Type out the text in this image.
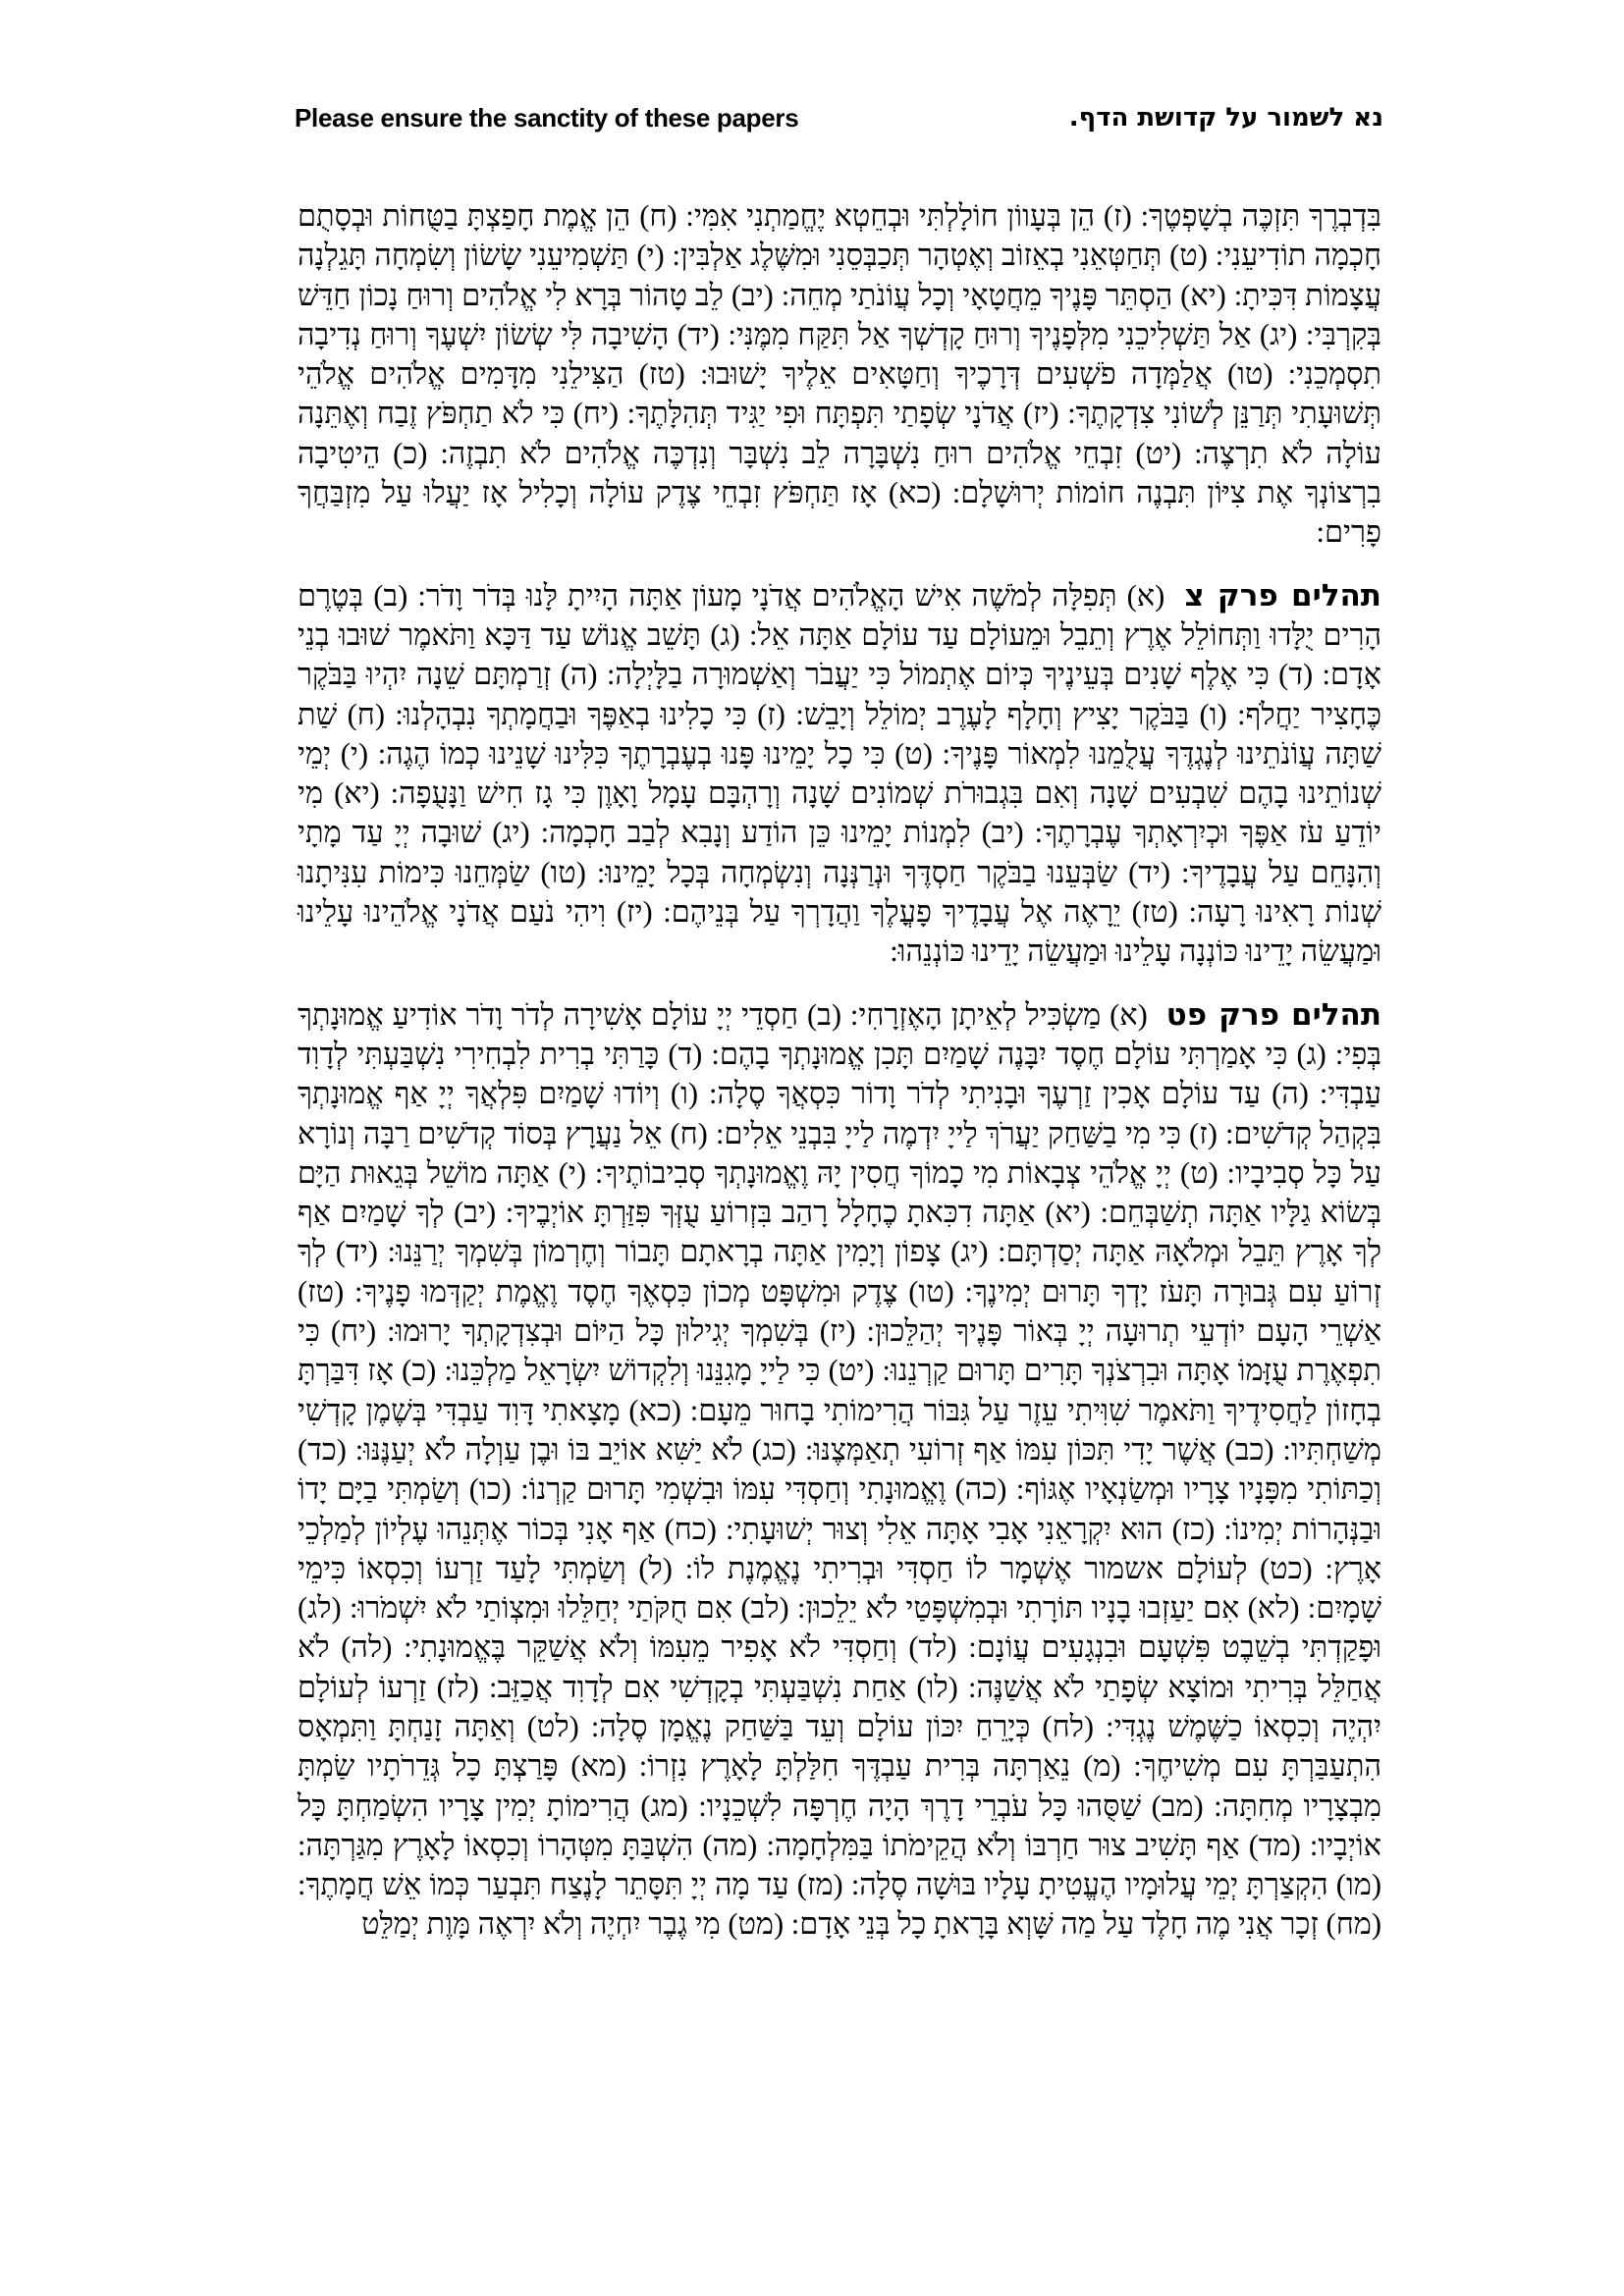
Please ensure the sanctity of these papers	נא לשמור על קדושת הדף.

בִּדְבְרֶךָ תִּזְכֶּה בְשָׁפְטֶךָ: (ז) הֵן בְּעָווֹן חוֹלָלְתִּי וּבְחֵטְא יֶחֱמַתְנִי אִמִּי: (ח) הֵן אֱמֶת חָפַצְתָּ בַטֻּחוֹת וּבְסָתֻם חָכְמָה תוֹדִיעֵנִי: (ט) תְּחַטְּאֵנִי בְאֵזוֹב וְאֶטְהָר תְּכַבְּסֵנִי וּמִשֶּׁלֶג אַלְבִּין: (י) תַּשְׁמִיעֵנִי שָׂשׂוֹן וְשִׂמְחָה תָּגֵלְנָה עֲצָמוֹת דִּכִּיתָ: (יא) הַסְתֵּר פָּנֶיךָ מֵחֲטָאָי וְכָל עֲוֹנֹתַי מְחֵה: (יב) לֵב טָהוֹר בְּרָא לִי אֱלֹהִים וְרוּחַ נָכוֹן חַדֵּשׁ בְּקִרְבִּי: (יג) אַל תַּשְׁלִיכֵנִי מִלְּפָנֶיךָ וְרוּחַ קָדְשְׁךָ אַל תִּקַּח מִמֶּנִּי: (יד) הָשִׁיבָה לִּי שְׂשׂוֹן יִשְׁעֶךָ וְרוּחַ נְדִיבָה תִסְמְכֵנִי: (טו) אֲלַמְּדָה פֹשְׁעִים דְּרָכֶיךָ וְחַטָּאִים אֵלֶיךָ יָשׁוּבוּ: (טז) הַצִּילֵנִי מִדָּמִים אֱלֹהִים אֱלֹהֵי תְּשׁוּעָתִי תְּרַנֵּן לְשׁוֹנִי צִדְקָתֶךָ: (יז) אֲדֹנָי שְׂפָתַי תִּפְתָּח וּפִי יַגִּיד תְּהִלָּתֶךָ: (יח) כִּי לֹא תַחְפֹּץ זֶבַח וְאֶתֵּנָה עוֹלָה לֹא תִרְצֶה: (יט) זִבְחֵי אֱלֹהִים רוּחַ נִשְׁבָּרָה לֵב נִשְׁבָּר וְנִדְכֶּה אֱלֹהִים לֹא תִבְזֶה: (כ) הֵיטִיבָה בִרְצוֹנְךָ אֶת צִיּוֹן תִּבְנֶה חוֹמוֹת יְרוּשָׁלָם: (כא) אָז תַּחְפֹּץ זִבְחֵי צֶדֶק עוֹלָה וְכָלִיל אָז יַעֲלוּ עַל מִזְבַּחֲךָ פָרִים:

תהלים פרק צ (א) תְּפִלָּה לְמֹשֶׁה אִישׁ הָאֱלֹהִים אֲדֹנָי מָעוֹן אַתָּה הָיִיתָ לָּנוּ בְּדֹר וָדֹר: (ב) בְּטֶרֶם הָרִים יֻלָּדוּ וַתְּחוֹלֵל אֶרֶץ וְתֵבֵל וּמֵעוֹלָם עַד עוֹלָם אַתָּה אֵל: (ג) תָּשֵׁב אֱנוֹשׁ עַד דַּכָּא וַתֹּאמֶר שׁוּבוּ בְנֵי אָדָם: (ד) כִּי אֶלֶף שָׁנִים בְּעֵינֶיךָ כְּיוֹם אֶתְמוֹל כִּי יַעֲבֹר וְאַשְׁמוּרָה בַלָּיְלָה: (ה) זְרַמְתָּם שֵׁנָה יִהְיוּ בַּבֹּקֶר כֶּחָצִיר יַחֲלֹף: (ו) בַּבֹּקֶר יָצִיץ וְחָלָף לָעֶרֶב יְמוֹלֵל וְיָבֵשׁ: (ז) כִּי כָלִינוּ בְאַפֶּךָ וּבַחֲמָתְךָ נִבְהָלְנוּ: (ח) שַׁת שַׁתָּה עֲוֹנֹתֵינוּ לְנֶגְדֶּךָ עֲלֻמֵנוּ לִמְאוֹר פָּנֶיךָ: (ט) כִּי כָל יָמֵינוּ פָּנוּ בְעֶבְרָתֶךָ כִּלִּינוּ שָׁנֵינוּ כְמוֹ הֶגֶה: (י) יְמֵי שְׁנוֹתֵינוּ בָהֶם שִׁבְעִים שָׁנָה וְאִם בִּגְבוּרֹת שְׁמוֹנִים שָׁנָה וְרָהְבָּם עָמָל וָאָוֶן כִּי גָז חִישׁ וַנָּעֻפָה: (יא) מִי יוֹדֵעַ עֹז אַפֶּךָ וּכְיִרְאָתְךָ עֶבְרָתֶךָ: (יב) לִמְנוֹת יָמֵינוּ כֵּן הוֹדַע וְנָבִא לְבַב חָכְמָה: (יג) שׁוּבָה יְיָ עַד מָתָי וְהִנָּחֵם עַל עֲבָדֶיךָ: (יד) שַׂבְּעֵנוּ בַבֹּקֶר חַסְדֶּךָ וּנְרַנְּנָה וְנִשְׂמְחָה בְּכָל יָמֵינוּ: (טו) שַׂמְּחֵנוּ כִּימוֹת עִנִּיתָנוּ שְׁנוֹת רָאִינוּ רָעָה: (טז) יֵרָאֶה אֶל עֲבָדֶיךָ פָעֳלֶךָ וַהֲדָרְךָ עַל בְּנֵיהֶם: (יז) וִיהִי נֹעַם אֲדֹנָי אֱלֹהֵינוּ עָלֵינוּ וּמַעֲשֵׂה יָדֵינוּ כּוֹנְנָה עָלֵינוּ וּמַעֲשֵׂה יָדֵינוּ כּוֹנְנֵהוּ:

תהלים פרק פט (א) מַשְׂכִּיל לְאֵיתָן הָאֶזְרָחִי: (ב) חַסְדֵי יְיָ עוֹלָם אָשִׁירָה לְדֹר וָדֹר אוֹדִיעַ אֱמוּנָתְךָ בְּפִי: (ג) כִּי אָמַרְתִּי עוֹלָם חֶסֶד יִבָּנֶה שָׁמַיִם תָּכִן אֱמוּנָתְךָ בָהֶם: (ד) כָּרַתִּי בְרִית לִבְחִירִי נִשְׁבַּעְתִּי לְדָוִד עַבְדִּי: (ה) עַד עוֹלָם אָכִין זַרְעֶךָ וּבָנִיתִי לְדֹר וָדוֹר כִּסְאֲךָ סֶלָה: (ו) וְיוֹדוּ שָׁמַיִם פִּלְאֲךָ יְיָ אַף אֱמוּנָתְךָ בִּקְהַל קְדֹשִׁים: (ז) כִּי מִי בַשַּׁחַק יַעֲרֹךְ לַייָ יִדְמֶה לַייָ בִּבְנֵי אֵלִים: (ח) אֵל נַעֲרָץ בְּסוֹד קְדֹשִׁים רַבָּה וְנוֹרָא עַל כָּל סְבִיבָיו: (ט) יְיָ אֱלֹהֵי צְבָאוֹת מִי כָמוֹךָ חֲסִין יָהּ וֶאֱמוּנָתְךָ סְבִיבוֹתֶיךָ: (י) אַתָּה מוֹשֵׁל בְּגֵאוּת הַיָּם בְּשׂוֹא גַלָּיו אַתָּה תְשַׁבְּחֵם: (יא) אַתָּה דִכִּאתָ כֶחָלָל רָהַב בִּזְרוֹעַ עֻזְּךָ פִּזַּרְתָּ אוֹיְבֶיךָ: (יב) לְךָ שָׁמַיִם אַף לְךָ אָרֶץ תֵּבֵל וּמְלֹאָהּ אַתָּה יְסַדְתָּם: (יג) צָפוֹן וְיָמִין אַתָּה בְרָאתָם תָּבוֹר וְחֶרְמוֹן בְּשִׁמְךָ יְרַנֵּנוּ: (יד) לְךָ זְרוֹעַ עִם גְּבוּרָה תָּעֹז יָדְךָ תָּרוּם יְמִינֶךָ: (טו) צֶדֶק וּמִשְׁפָּט מְכוֹן כִּסְאֶךָ חֶסֶד וֶאֱמֶת יְקַדְּמוּ פָנֶיךָ: (טז) אַשְׁרֵי הָעָם יוֹדְעֵי תְרוּעָה יְיָ בְּאוֹר פָּנֶיךָ יְהַלֵּכוּן: (יז) בְּשִׁמְךָ יְגִילוּן כָּל הַיּוֹם וּבְצִדְקָתְךָ יָרוּמוּ: (יח) כִּי תִפְאֶרֶת עֻזָּמוֹ אָתָּה וּבִרְצֹנְךָ תָּרִים תָּרוּם קַרְנֵנוּ: (יט) כִּי לַייָ מָגִנֵּנוּ וְלִקְדוֹשׁ יִשְׂרָאֵל מַלְכֵּנוּ: (כ) אָז דִּבַּרְתָּ בְחָזוֹן לַחֲסִידֶיךָ וַתֹּאמֶר שִׁוִּיתִי עֵזֶר עַל גִּבּוֹר הֲרִימוֹתִי בָחוּר מֵעָם: (כא) מָצָאתִי דָּוִד עַבְדִּי בְּשֶׁמֶן קָדְשִׁי מְשַׁחְתִּיו: (כב) אֲשֶׁר יָדִי תִּכּוֹן עִמּוֹ אַף זְרוֹעִי תְאַמְּצֶנּוּ: (כג) לֹא יַשִּׁא אוֹיֵב בּוֹ וּבֶן עַוְלָה לֹא יְעַנֶּנּוּ: (כד) וְכַתּוֹתִי מִפָּנָיו צָרָיו וּמְשַׂנְאָיו אֶגּוֹף: (כה) וֶאֱמוּנָתִי וְחַסְדִּי עִמּוֹ וּבִשְׁמִי תָּרוּם קַרְנוֹ: (כו) וְשַׂמְתִּי בַיָּם יָדוֹ וּבַנְּהָרוֹת יְמִינוֹ: (כז) הוּא יִקְרָאֵנִי אָבִי אָתָּה אֵלִי וְצוּר יְשׁוּעָתִי: (כח) אַף אָנִי בְּכוֹר אֶתְּנֵהוּ עֶלְיוֹן לְמַלְכֵי אָרֶץ: (כט) לְעוֹלָם אשמור אֶשְׁמָר לוֹ חַסְדִּי וּבְרִיתִי נֶאֱמֶנֶת לוֹ: (ל) וְשַׂמְתִּי לָעַד זַרְעוֹ וְכִסְאוֹ כִּימֵי שָׁמָיִם: (לא) אִם יַעַזְבוּ בָנָיו תּוֹרָתִי וּבְמִשְׁפָּטַי לֹא יֵלֵכוּן: (לב) אִם חֻקֹּתַי יְחַלֵּלוּ וּמִצְוֹתַי לֹא יִשְׁמֹרוּ: (לג) וּפָקַדְתִּי בְשֵׁבֶט פִּשְׁעָם וּבִנְגָעִים עֲוֹנָם: (לד) וְחַסְדִּי לֹא אָפִיר מֵעִמּוֹ וְלֹא אֲשַׁקֵּר בֶּאֱמוּנָתִי: (לה) לֹא אֲחַלֵּל בְּרִיתִי וּמוֹצָא שְׂפָתַי לֹא אֲשַׁנֶּה: (לו) אַחַת נִשְׁבַּעְתִּי בְקָדְשִׁי אִם לְדָוִד אֲכַזֵּב: (לז) זַרְעוֹ לְעוֹלָם יִהְיֶה וְכִסְאוֹ כַשֶּׁמֶשׁ נֶגְדִּי: (לח) כְּיָרֵחַ יִכּוֹן עוֹלָם וְעֵד בַּשַּׁחַק נֶאֱמָן סֶלָה: (לט) וְאַתָּה זָנַחְתָּ וַתִּמְאָס הִתְעַבַּרְתָּ עִם מְשִׁיחֶךָ: (מ) נֵאַרְתָּה בְּרִית עַבְדֶּךָ חִלַּלְתָּ לָאָרֶץ נִזְרוֹ: (מא) פָּרַצְתָּ כָל גְּדֵרֹתָיו שַׂמְתָּ מִבְצָרָיו מְחִתָּה: (מב) שַׁסֻּהוּ כָּל עֹבְרֵי דָרֶךְ הָיָה חֶרְפָּה לִשְׁכֵנָיו: (מג) הֲרִימוֹתָ יְמִין צָרָיו הִשְׂמַחְתָּ כָּל אוֹיְבָיו: (מד) אַף תָּשִׁיב צוּר חַרְבּוֹ וְלֹא הֲקֵימֹתוֹ בַּמִּלְחָמָה: (מה) הִשְׁבַּתָּ מִטְּהָרוֹ וְכִסְאוֹ לָאָרֶץ מִגַּרְתָּה: (מו) הִקְצַרְתָּ יְמֵי עֲלוּמָיו הֶעֱטִיתָ עָלָיו בּוּשָׁה סֶלָה: (מז) עַד מָה יְיָ תִּסָּתֵר לָנֶצַח תִּבְעַר כְּמוֹ אֵשׁ חֲמָתֶךָ: (מח) זְכָר אֲנִי מֶה חָלֶד עַל מַה שָּׁוְא בָּרָאתָ כָל בְּנֵי אָדָם: (מט) מִי גֶבֶר יִחְיֶה וְלֹא יִרְאֶה מָּוֶת יְמַלֵּט
